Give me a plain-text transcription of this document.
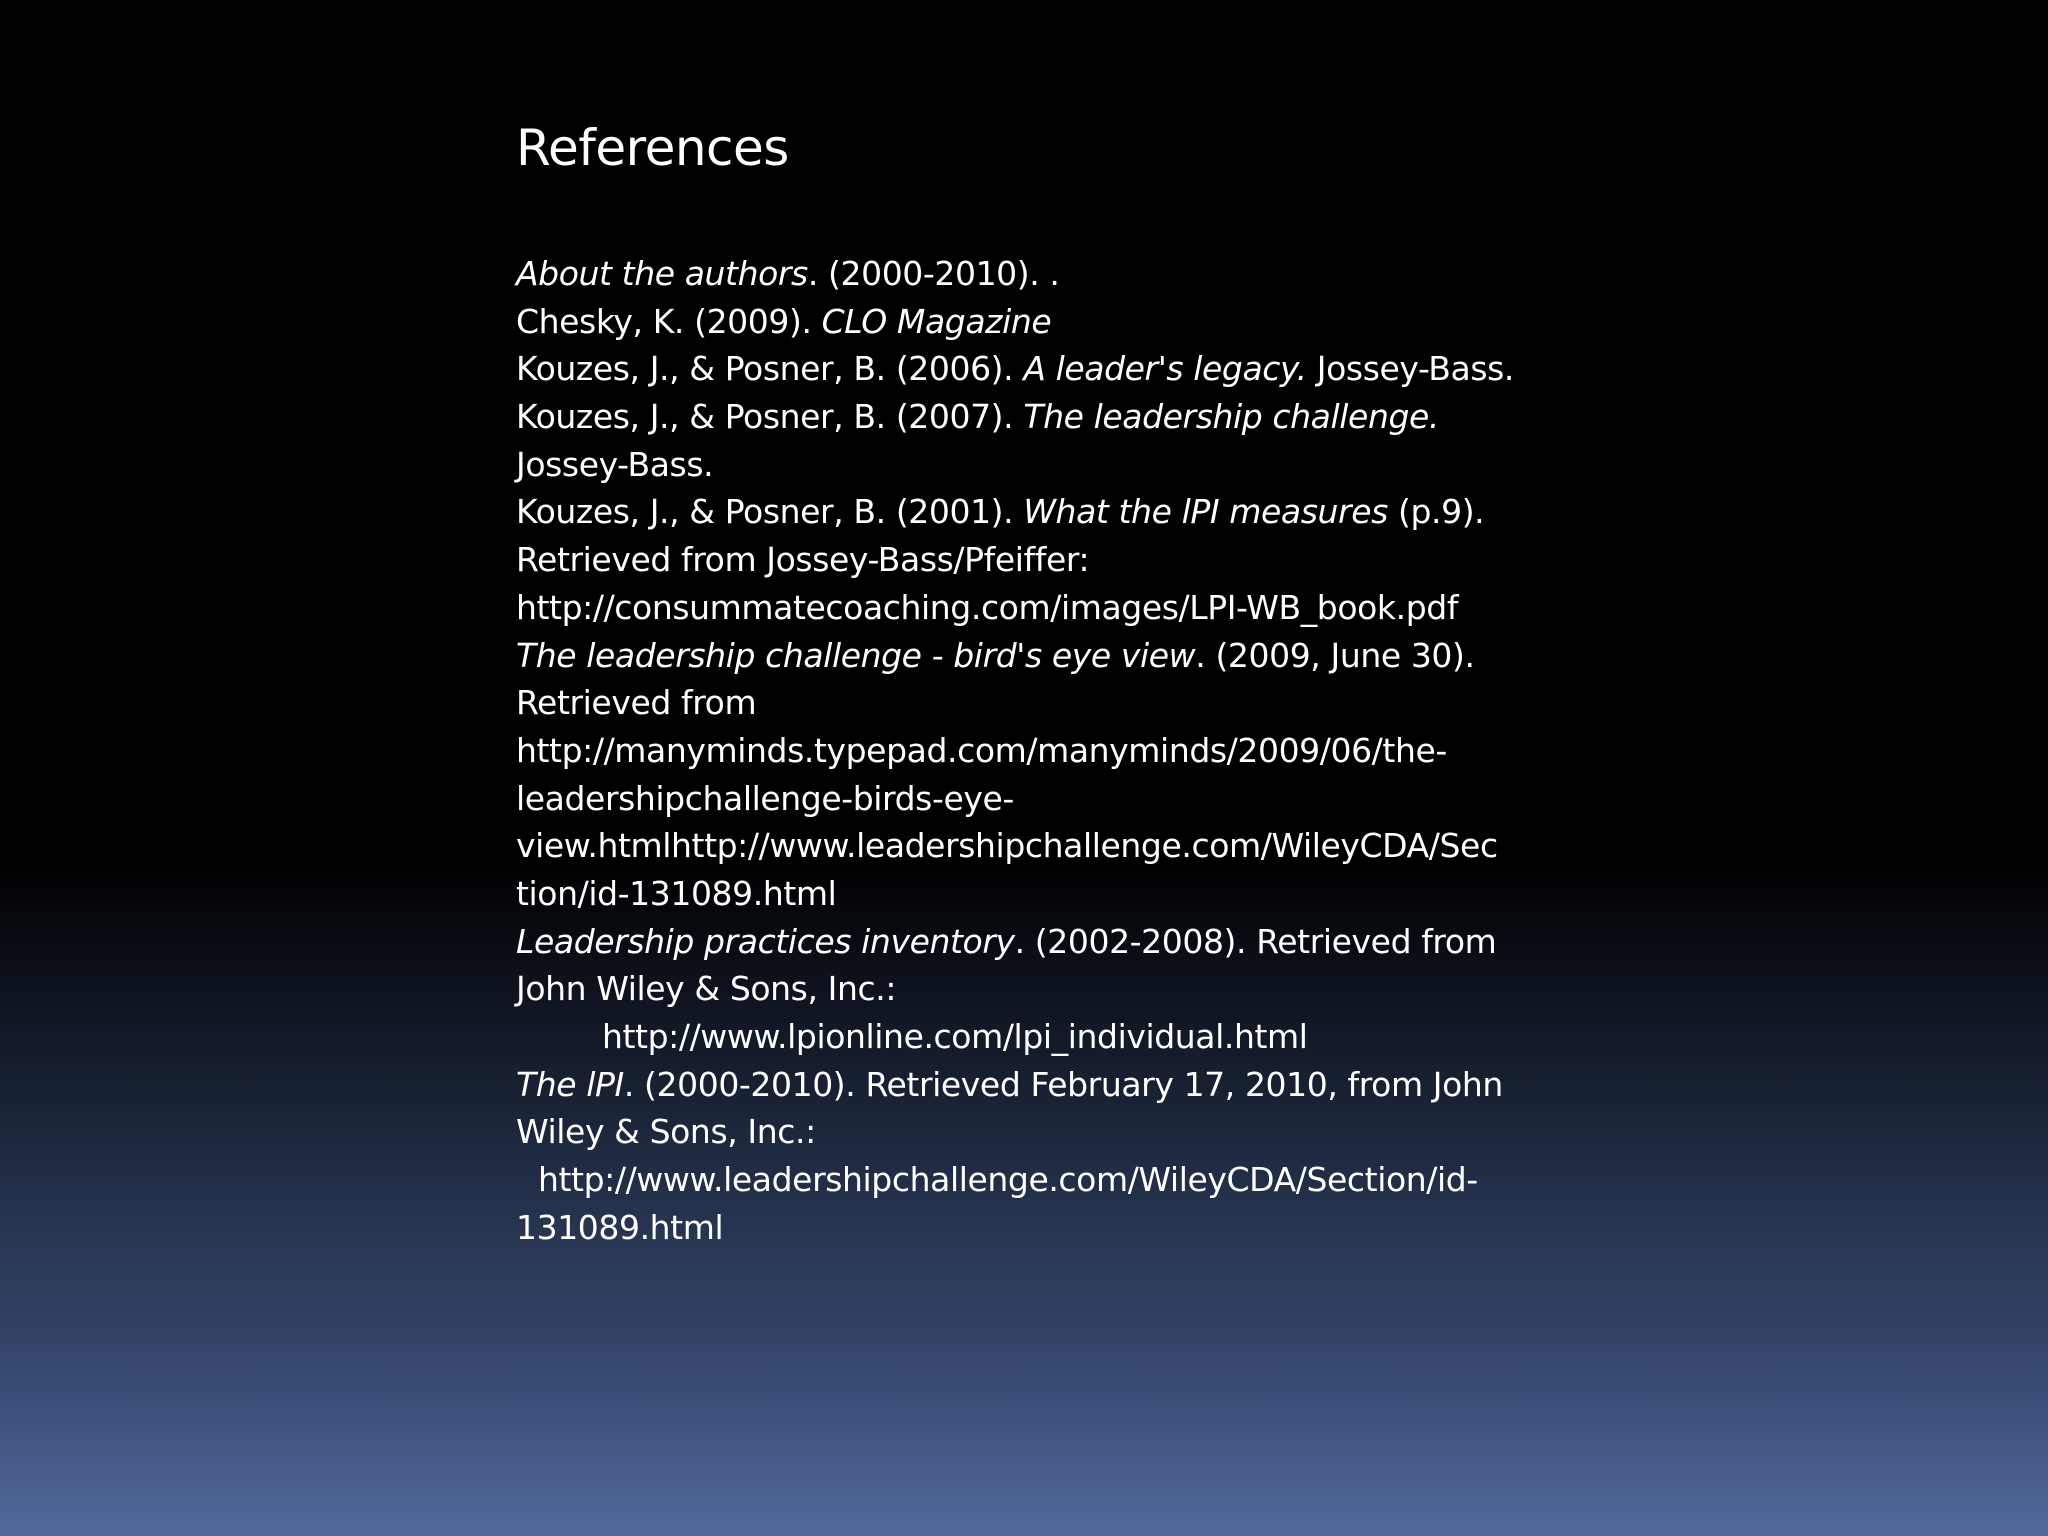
References
About the authors. (2000-2010). .
Chesky, K. (2009). CLO Magazine
Kouzes, J., & Posner, B. (2006). A leader's legacy. Jossey-Bass.
Kouzes, J., & Posner, B. (2007). The leadership challenge.
Jossey-Bass.
Kouzes, J., & Posner, B. (2001). What the lPI measures (p.9).
Retrieved from Jossey-Bass/Pfeiffer:
http://consummatecoaching.com/images/LPI-WB_book.pdf
The leadership challenge - bird's eye view. (2009, June 30).
Retrieved from
http://manyminds.typepad.com/manyminds/2009/06/the-
leadershipchallenge-birds-eye-
view.htmlhttp://www.leadershipchallenge.com/WileyCDA/Sec
tion/id-131089.html
Leadership practices inventory. (2002-2008). Retrieved from
John Wiley & Sons, Inc.:
http://www.lpionline.com/lpi_individual.html
The lPI. (2000-2010). Retrieved February 17, 2010, from John
Wiley & Sons, Inc.:
http://www.leadershipchallenge.com/WileyCDA/Section/id-
131089.html
